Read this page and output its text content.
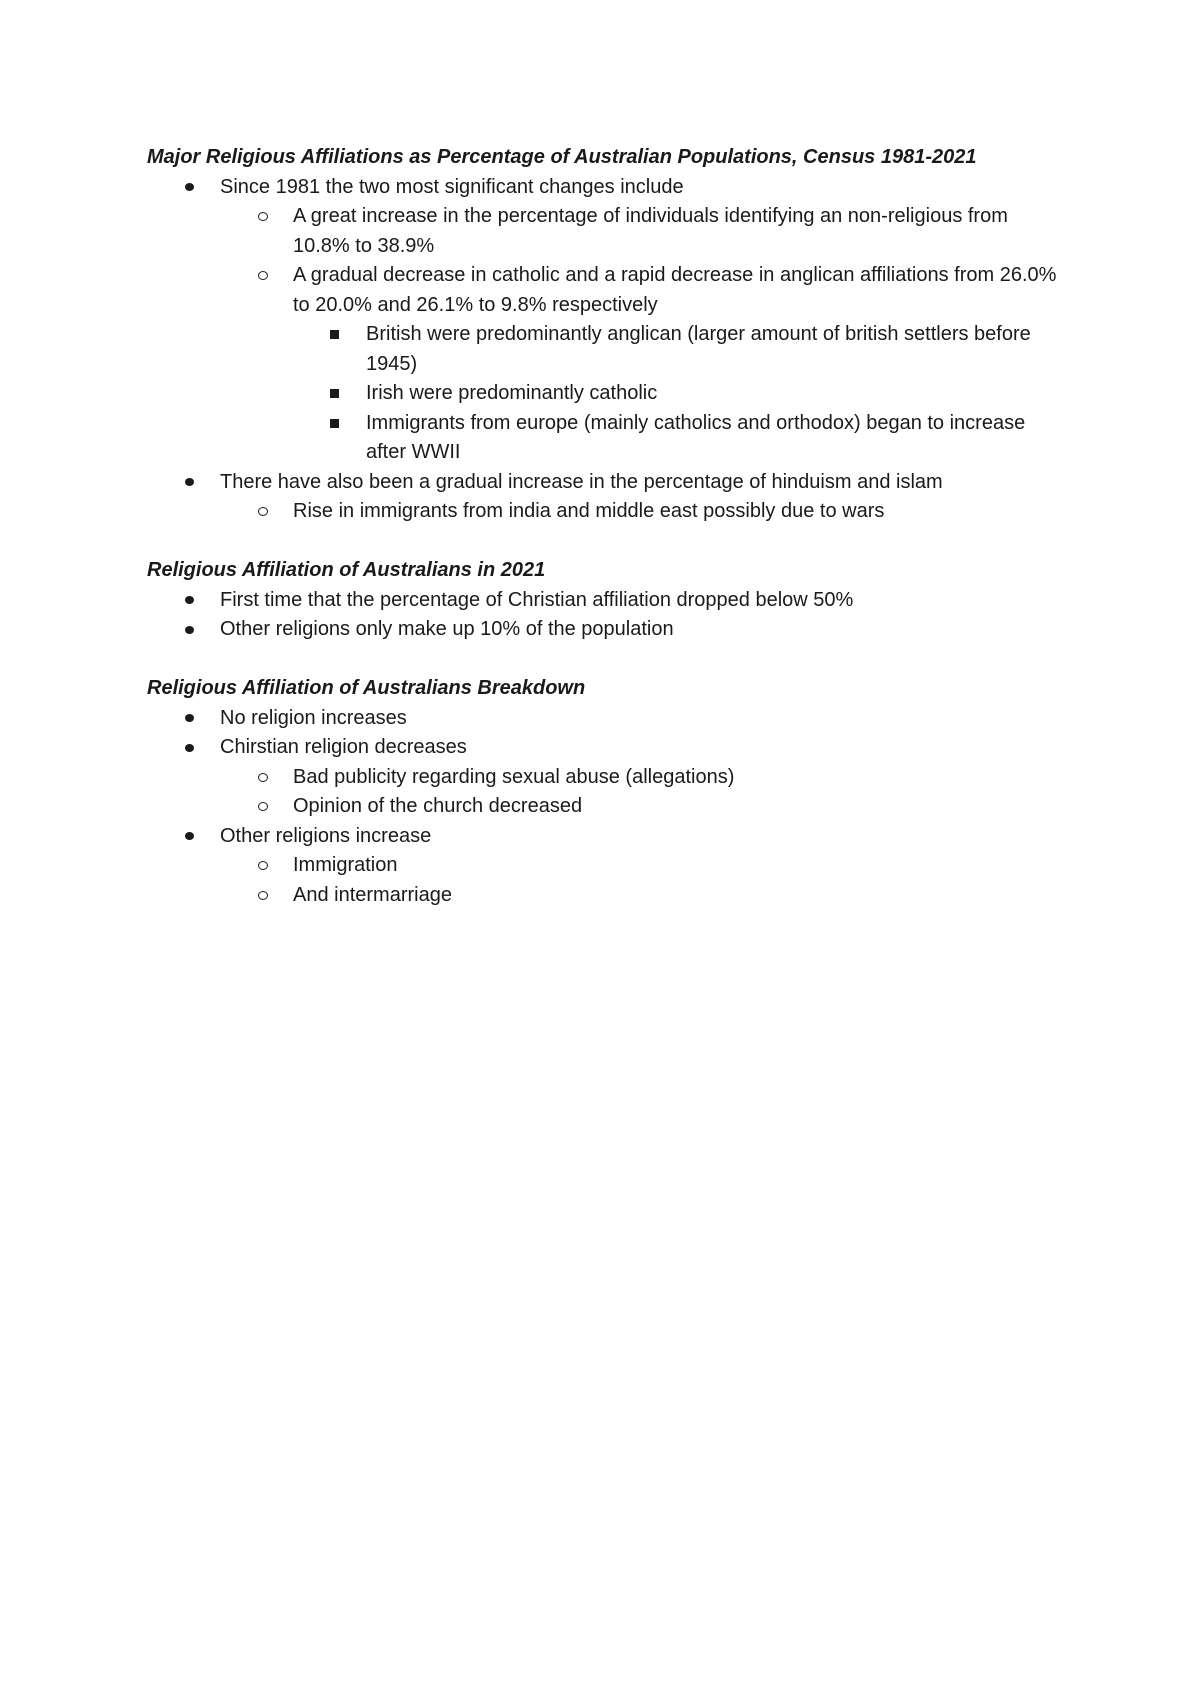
Major Religious Affiliations as Percentage of Australian Populations, Census 1981-2021

Since 1981 the two most significant changes include
A great increase in the percentage of individuals identifying an non-religious from 10.8% to 38.9%
A gradual decrease in catholic and a rapid decrease in anglican affiliations from 26.0% to 20.0% and 26.1% to 9.8% respectively
British were predominantly anglican (larger amount of british settlers before 1945)
Irish were predominantly catholic
Immigrants from europe (mainly catholics and orthodox) began to increase after WWII
There have also been a gradual increase in the percentage of hinduism and islam
Rise in immigrants from india and middle east possibly due to wars

Religious Affiliation of Australians in 2021

First time that the percentage of Christian affiliation dropped below 50%
Other religions only make up 10% of the population

Religious Affiliation of Australians Breakdown

No religion increases
Chirstian religion decreases
Bad publicity regarding sexual abuse (allegations)
Opinion of the church decreased
Other religions increase
Immigration
And intermarriage
